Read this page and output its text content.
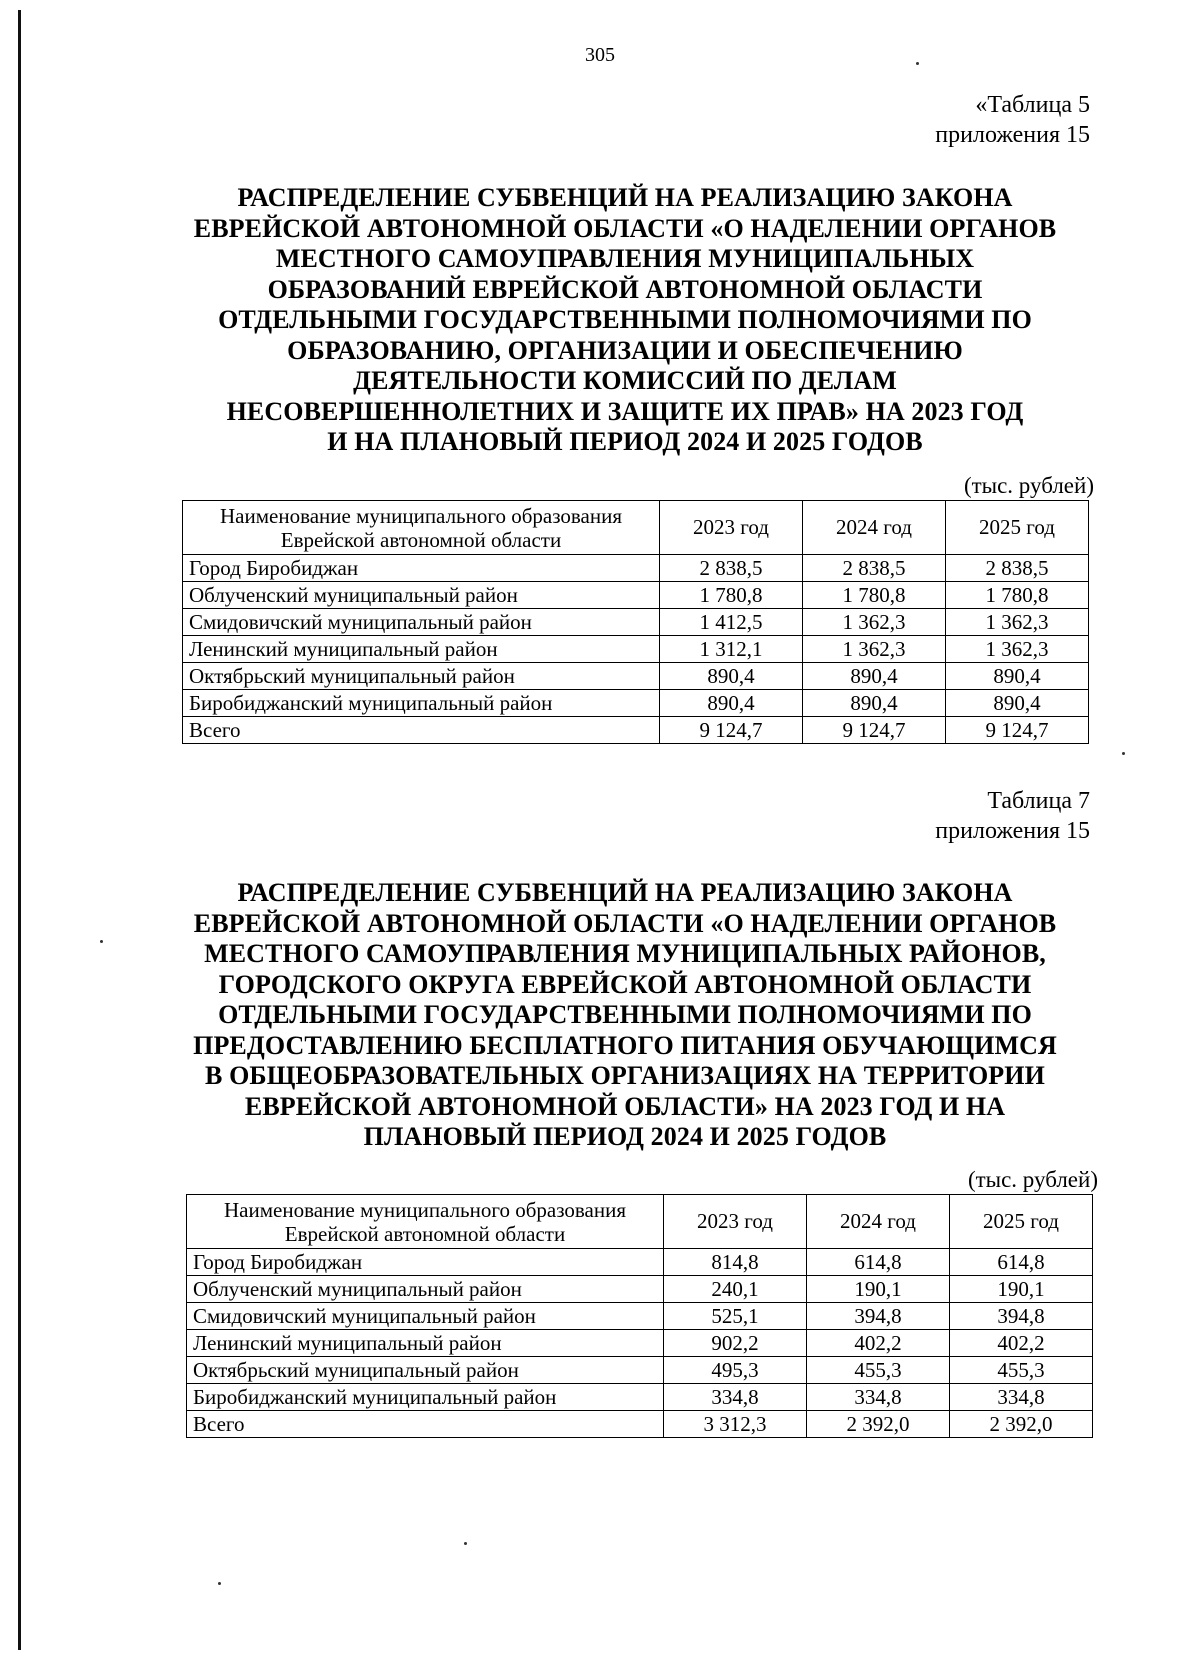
305
«Таблица 5
приложения 15
РАСПРЕДЕЛЕНИЕ СУБВЕНЦИЙ НА РЕАЛИЗАЦИЮ ЗАКОНА
ЕВРЕЙСКОЙ АВТОНОМНОЙ ОБЛАСТИ «О НАДЕЛЕНИИ ОРГАНОВ
МЕСТНОГО САМОУПРАВЛЕНИЯ МУНИЦИПАЛЬНЫХ
ОБРАЗОВАНИЙ ЕВРЕЙСКОЙ АВТОНОМНОЙ ОБЛАСТИ
ОТДЕЛЬНЫМИ ГОСУДАРСТВЕННЫМИ ПОЛНОМОЧИЯМИ ПО
ОБРАЗОВАНИЮ, ОРГАНИЗАЦИИ И ОБЕСПЕЧЕНИЮ
ДЕЯТЕЛЬНОСТИ КОМИССИЙ ПО ДЕЛАМ
НЕСОВЕРШЕННОЛЕТНИХ И ЗАЩИТЕ ИХ ПРАВ» НА 2023 ГОД
И НА ПЛАНОВЫЙ ПЕРИОД 2024 И 2025 ГОДОВ
(тыс. рублей)
Наименование муниципального образования
Еврейской автономной области	2023 год	2024 год	2025 год
Город Биробиджан	2 838,5	2 838,5	2 838,5
Облученский муниципальный район	1 780,8	1 780,8	1 780,8
Смидовичский муниципальный район	1 412,5	1 362,3	1 362,3
Ленинский муниципальный район	1 312,1	1 362,3	1 362,3
Октябрьский муниципальный район	890,4	890,4	890,4
Биробиджанский муниципальный район	890,4	890,4	890,4
Всего	9 124,7	9 124,7	9 124,7
Таблица 7
приложения 15
РАСПРЕДЕЛЕНИЕ СУБВЕНЦИЙ НА РЕАЛИЗАЦИЮ ЗАКОНА
ЕВРЕЙСКОЙ АВТОНОМНОЙ ОБЛАСТИ «О НАДЕЛЕНИИ ОРГАНОВ
МЕСТНОГО САМОУПРАВЛЕНИЯ МУНИЦИПАЛЬНЫХ РАЙОНОВ,
ГОРОДСКОГО ОКРУГА ЕВРЕЙСКОЙ АВТОНОМНОЙ ОБЛАСТИ
ОТДЕЛЬНЫМИ ГОСУДАРСТВЕННЫМИ ПОЛНОМОЧИЯМИ ПО
ПРЕДОСТАВЛЕНИЮ БЕСПЛАТНОГО ПИТАНИЯ ОБУЧАЮЩИМСЯ
В ОБЩЕОБРАЗОВАТЕЛЬНЫХ ОРГАНИЗАЦИЯХ НА ТЕРРИТОРИИ
ЕВРЕЙСКОЙ АВТОНОМНОЙ ОБЛАСТИ» НА 2023 ГОД И НА
ПЛАНОВЫЙ ПЕРИОД 2024 И 2025 ГОДОВ
(тыс. рублей)
Наименование муниципального образования
Еврейской автономной области	2023 год	2024 год	2025 год
Город Биробиджан	814,8	614,8	614,8
Облученский муниципальный район	240,1	190,1	190,1
Смидовичский муниципальный район	525,1	394,8	394,8
Ленинский муниципальный район	902,2	402,2	402,2
Октябрьский муниципальный район	495,3	455,3	455,3
Биробиджанский муниципальный район	334,8	334,8	334,8
Всего	3 312,3	2 392,0	2 392,0
